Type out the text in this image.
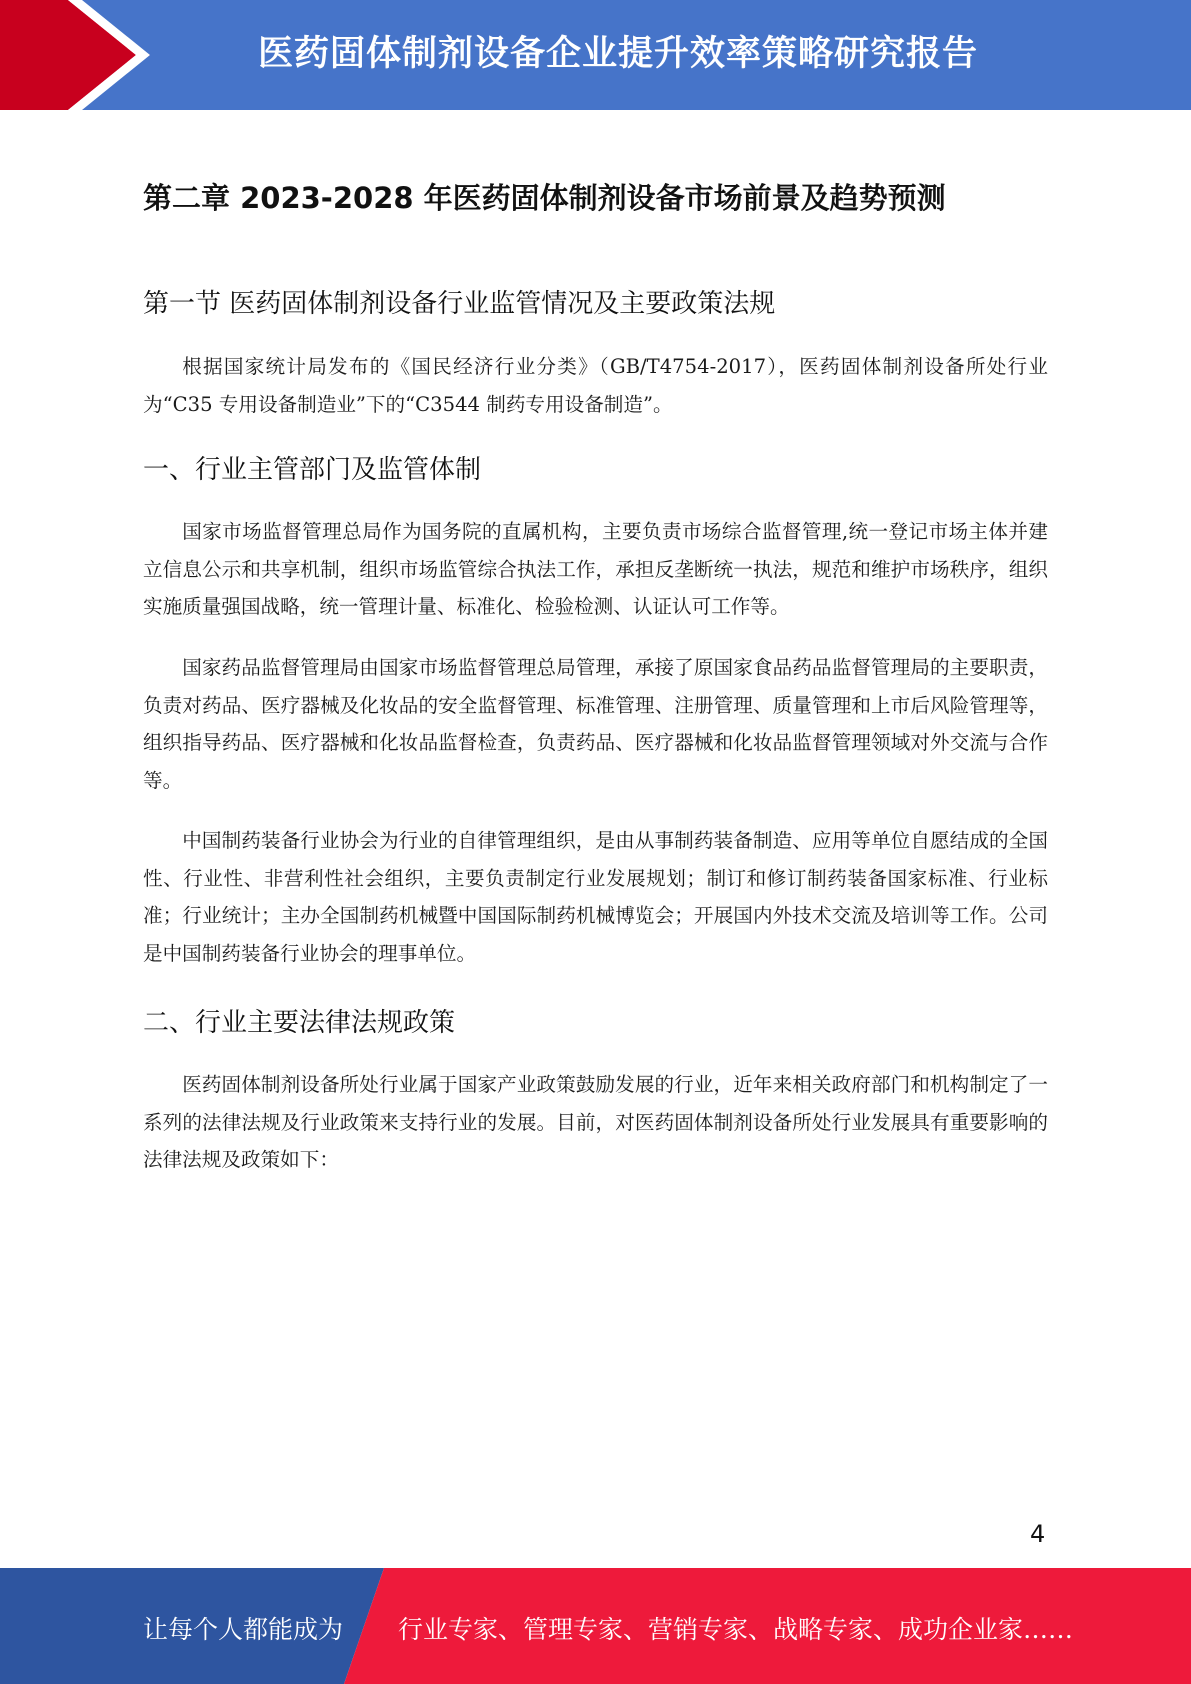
医药固体制剂设备企业提升效率策略研究报告
第二章 2023-2028 年医药固体制剂设备市场前景及趋势预测
第一节 医药固体制剂设备行业监管情况及主要政策法规

根据国家统计局发布的《国民经济行业分类》（GB/T4754-2017），医药固体制剂设备所处行业为“C35 专用设备制造业”下的“C3544 制药专用设备制造”。

一、行业主管部门及监管体制

国家市场监督管理总局作为国务院的直属机构，主要负责市场综合监督管理,统一登记市场主体并建立信息公示和共享机制，组织市场监管综合执法工作，承担反垄断统一执法，规范和维护市场秩序，组织实施质量强国战略，统一管理计量、标准化、检验检测、认证认可工作等。

国家药品监督管理局由国家市场监督管理总局管理，承接了原国家食品药品监督管理局的主要职责，负责对药品、医疗器械及化妆品的安全监督管理、标准管理、注册管理、质量管理和上市后风险管理等，组织指导药品、医疗器械和化妆品监督检查，负责药品、医疗器械和化妆品监督管理领域对外交流与合作等。

中国制药装备行业协会为行业的自律管理组织，是由从事制药装备制造、应用等单位自愿结成的全国性、行业性、非营利性社会组织，主要负责制定行业发展规划；制订和修订制药装备国家标准、行业标准；行业统计；主办全国制药机械暨中国国际制药机械博览会；开展国内外技术交流及培训等工作。公司是中国制药装备行业协会的理事单位。

二、行业主要法律法规政策

医药固体制剂设备所处行业属于国家产业政策鼓励发展的行业，近年来相关政府部门和机构制定了一系列的法律法规及行业政策来支持行业的发展。目前，对医药固体制剂设备所处行业发展具有重要影响的法律法规及政策如下：

4
让每个人都能成为 行业专家、管理专家、营销专家、战略专家、成功企业家……
